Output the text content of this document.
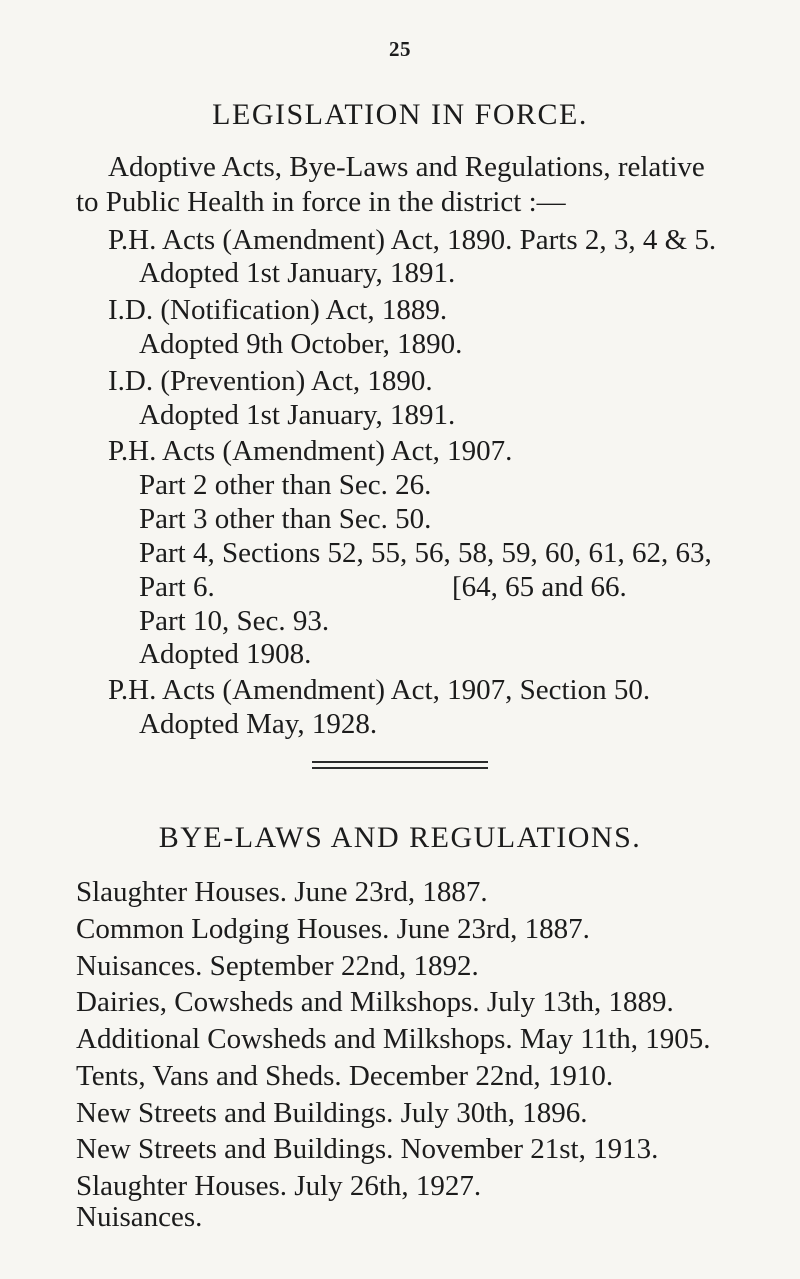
25
LEGISLATION IN FORCE.
Adoptive Acts, Bye-Laws and Regulations, relative
to Public Health in force in the district :—
P.H. Acts (Amendment) Act, 1890. Parts 2, 3, 4 & 5.
Adopted 1st January, 1891.
I.D. (Notification) Act, 1889.
Adopted 9th October, 1890.
I.D. (Prevention) Act, 1890.
Adopted 1st January, 1891.
P.H. Acts (Amendment) Act, 1907.
Part 2 other than Sec. 26.
Part 3 other than Sec. 50.
Part 4, Sections 52, 55, 56, 58, 59, 60, 61, 62, 63,
Part 6.	[64, 65 and 66.
Part 10, Sec. 93.
Adopted 1908.
P.H. Acts (Amendment) Act, 1907, Section 50.
Adopted May, 1928.
BYE-LAWS AND REGULATIONS.
Slaughter Houses. June 23rd, 1887.
Common Lodging Houses. June 23rd, 1887.
Nuisances. September 22nd, 1892.
Dairies, Cowsheds and Milkshops. July 13th, 1889.
Additional Cowsheds and Milkshops. May 11th, 1905.
Tents, Vans and Sheds. December 22nd, 1910.
New Streets and Buildings. July 30th, 1896.
New Streets and Buildings. November 21st, 1913.
Slaughter Houses. July 26th, 1927.
Nuisances.
